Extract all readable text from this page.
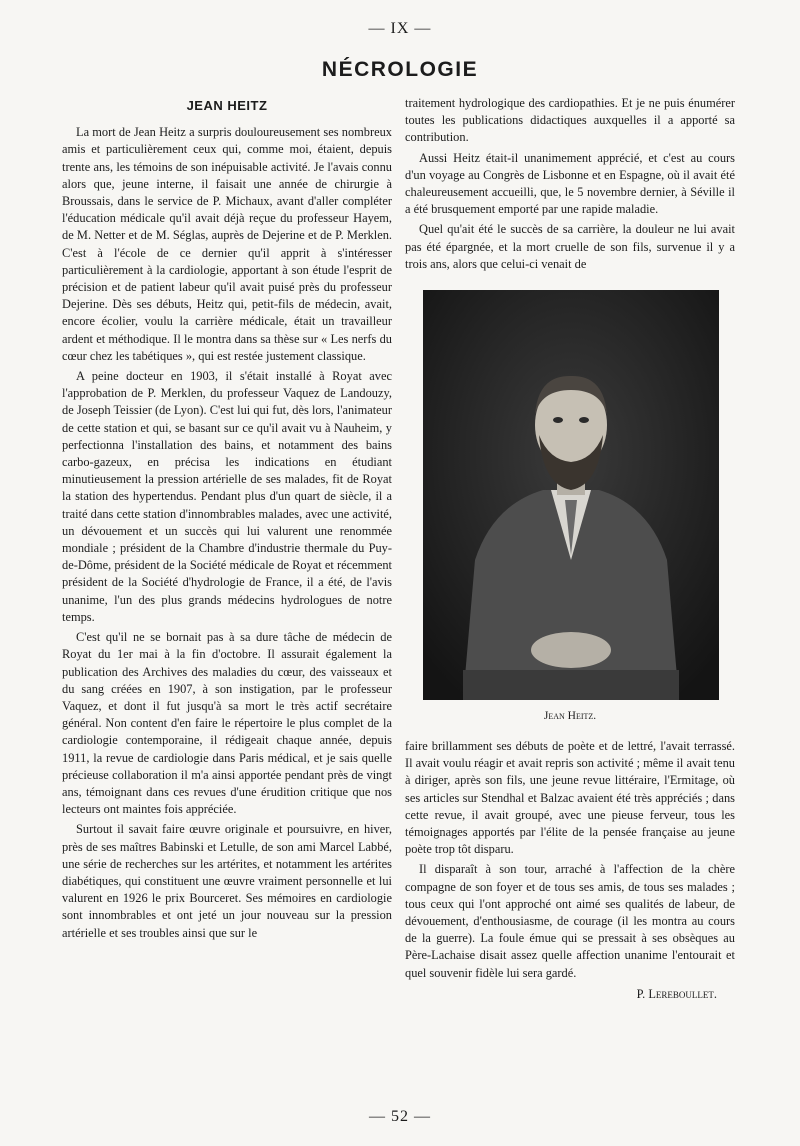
— IX —
NÉCROLOGIE
JEAN HEITZ

La mort de Jean Heitz a surpris douloureusement ses nombreux amis et particulièrement ceux qui, comme moi, étaient, depuis trente ans, les témoins de son inépuisable activité. Je l'avais connu alors que, jeune interne, il faisait une année de chirurgie à Broussais, dans le service de P. Michaux, avant d'aller compléter l'éducation médicale qu'il avait déjà reçue du professeur Hayem, de M. Netter et de M. Séglas, auprès de Dejerine et de P. Merklen. C'est à l'école de ce dernier qu'il apprit à s'intéresser particulièrement à la cardiologie, apportant à son étude l'esprit de précision et de patient labeur qu'il avait puisé près du professeur Dejerine. Dès ses débuts, Heitz qui, petit-fils de médecin, avait, encore écolier, voulu la carrière médicale, était un travailleur ardent et méthodique. Il le montra dans sa thèse sur « Les nerfs du cœur chez les tabétiques », qui est restée justement classique.

A peine docteur en 1903, il s'était installé à Royat avec l'approbation de P. Merklen, du professeur Vaquez de Landouzy, de Joseph Teissier (de Lyon). C'est lui qui fut, dès lors, l'animateur de cette station et qui, se basant sur ce qu'il avait vu à Nauheim, y perfectionna l'installation des bains, et notamment des bains carbo-gazeux, en précisa les indications en étudiant minutieusement la pression artérielle de ses malades, fit de Royat la station des hypertendus. Pendant plus d'un quart de siècle, il a traité dans cette station d'innombrables malades, avec une activité, un dévouement et un succès qui lui valurent une renommée mondiale ; président de la Chambre d'industrie thermale du Puy-de-Dôme, président de la Société médicale de Royat et récemment président de la Société d'hydrologie de France, il a été, de l'avis unanime, l'un des plus grands médecins hydrologues de notre temps.

C'est qu'il ne se bornait pas à sa dure tâche de médecin de Royat du 1er mai à la fin d'octobre. Il assurait également la publication des Archives des maladies du cœur, des vaisseaux et du sang créées en 1907, à son instigation, par le professeur Vaquez, et dont il fut jusqu'à sa mort le très actif secrétaire général. Non content d'en faire le répertoire le plus complet de la cardiologie contemporaine, il rédigeait chaque année, depuis 1911, la revue de cardiologie dans Paris médical, et je sais quelle précieuse collaboration il m'a ainsi apportée pendant près de vingt ans, témoignant dans ces revues d'une érudition critique que nos lecteurs ont maintes fois appréciée.

Surtout il savait faire œuvre originale et poursuivre, en hiver, près de ses maîtres Babinski et Letulle, de son ami Marcel Labbé, une série de recherches sur les artérites, et notamment les artérites diabétiques, qui constituent une œuvre vraiment personnelle et lui valurent en 1926 le prix Bourceret. Ses mémoires en cardiologie sont innombrables et ont jeté un jour nouveau sur la pression artérielle et ses troubles ainsi que sur le

traitement hydrologique des cardiopathies. Et je ne puis énumérer toutes les publications didactiques auxquelles il a apporté sa contribution.

Aussi Heitz était-il unanimement apprécié, et c'est au cours d'un voyage au Congrès de Lisbonne et en Espagne, où il avait été chaleureusement accueilli, que, le 5 novembre dernier, à Séville il a été brusquement emporté par une rapide maladie.

Quel qu'ait été le succès de sa carrière, la douleur ne lui avait pas été épargnée, et la mort cruelle de son fils, survenue il y a trois ans, alors que celui-ci venait de

Jean Heitz.

faire brillamment ses débuts de poète et de lettré, l'avait terrassé. Il avait voulu réagir et avait repris son activité ; même il avait tenu à diriger, après son fils, une jeune revue littéraire, l'Ermitage, où ses articles sur Stendhal et Balzac avaient été très appréciés ; dans cette revue, il avait groupé, avec une pieuse ferveur, tous les témoignages apportés par l'élite de la pensée française au jeune poète trop tôt disparu.

Il disparaît à son tour, arraché à l'affection de la chère compagne de son foyer et de tous ses amis, de tous ses malades ; tous ceux qui l'ont approché ont aimé ses qualités de labeur, de dévouement, d'enthousiasme, de courage (il les montra au cours de la guerre). La foule émue qui se pressait à ses obsèques au Père-Lachaise disait assez quelle affection unanime l'entourait et quel souvenir fidèle lui sera gardé.

P. Lereboullet.
— 52 —
